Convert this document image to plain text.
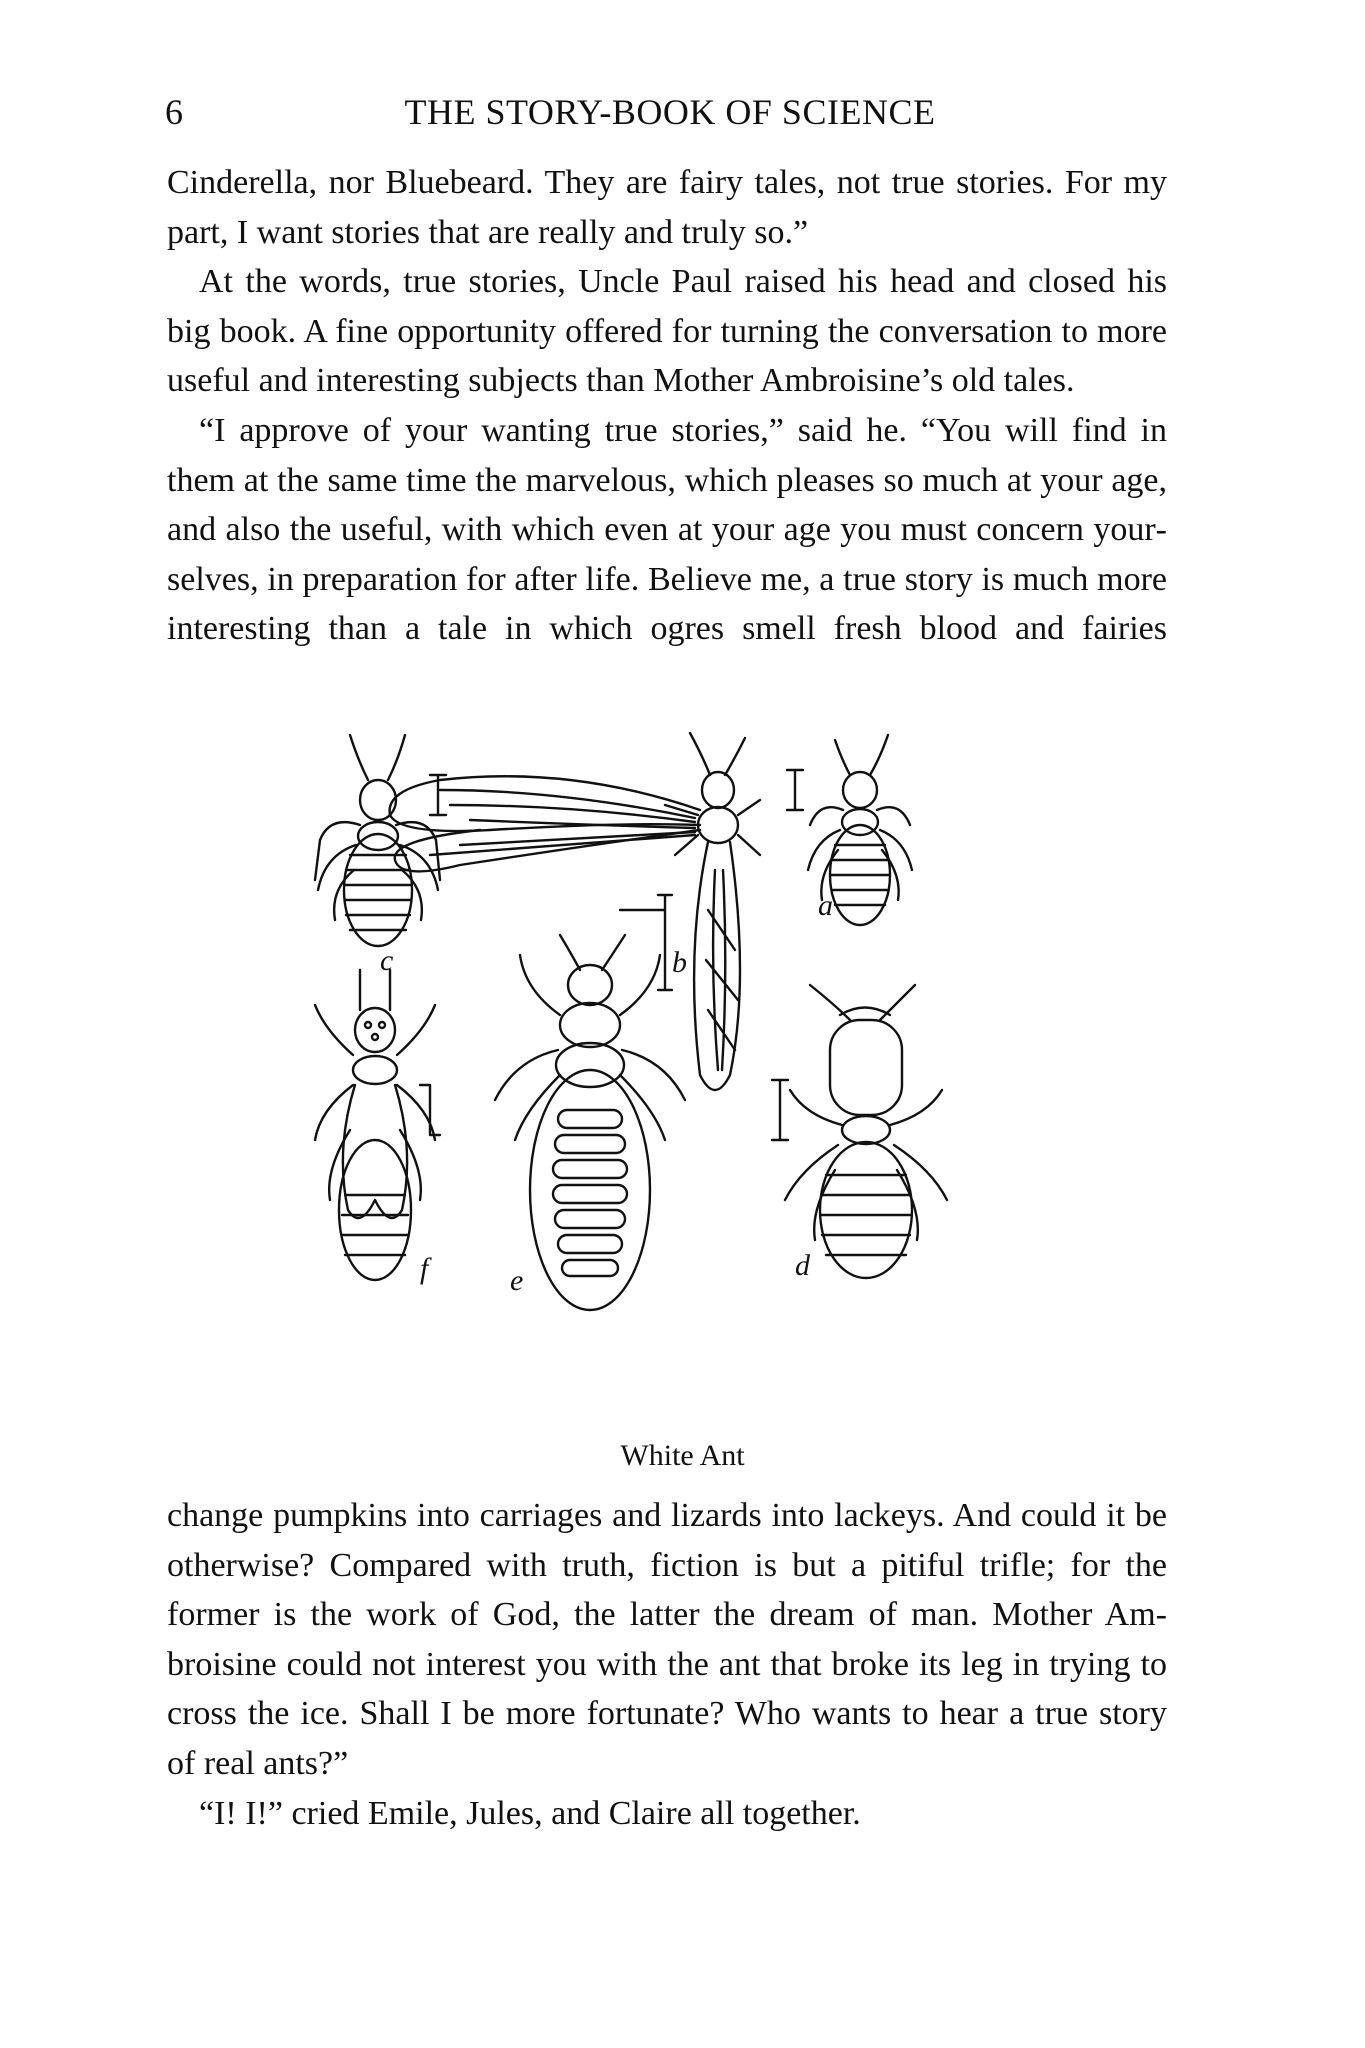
6	THE STORY-BOOK OF SCIENCE

Cinderella, nor Bluebeard. They are fairy tales, not true stories. For my part, I want stories that are really and truly so.”

At the words, true stories, Uncle Paul raised his head and closed his big book. A fine opportunity offered for turning the conversation to more useful and interesting subjects than Mother Ambroisine’s old tales.

“I approve of your wanting true stories,” said he. “You will find in them at the same time the marvelous, which pleases so much at your age, and also the useful, with which even at your age you must concern yourselves, in preparation for after life. Believe me, a true story is much more interesting than a tale in which ogres smell fresh blood and fairies

b
a
f
c
e	d
White Ant

change pumpkins into carriages and lizards into lackeys. And could it be otherwise? Compared with truth, fiction is but a pitiful trifle; for the former is the work of God, the latter the dream of man. Mother Ambroisine could not interest you with the ant that broke its leg in trying to cross the ice. Shall I be more fortunate? Who wants to hear a true story of real ants?”

“I! I!” cried Emile, Jules, and Claire all together.
